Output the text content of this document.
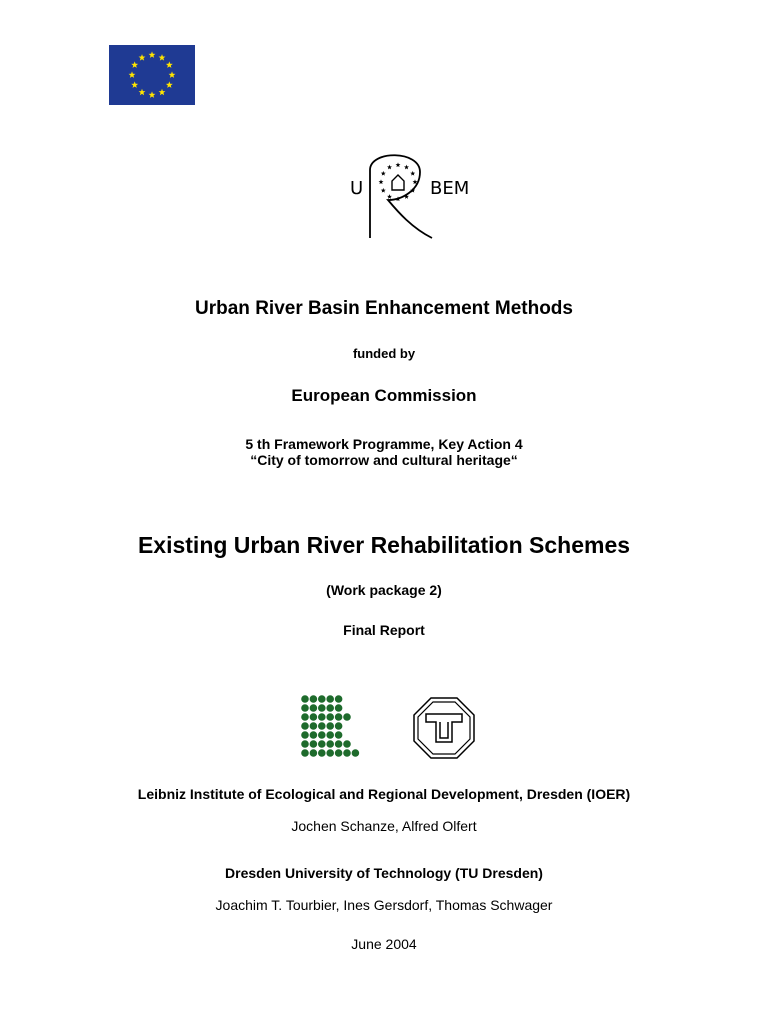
U	BEM
Urban River Basin Enhancement Methods
funded by
European Commission
5 th Framework Programme, Key Action 4
“City of tomorrow and cultural heritage“
Existing Urban River Rehabilitation Schemes
(Work package 2)
Final Report
Leibniz Institute of Ecological and Regional Development, Dresden (IOER)
Jochen Schanze, Alfred Olfert
Dresden University of Technology (TU Dresden)
Joachim T. Tourbier, Ines Gersdorf, Thomas Schwager
June 2004
